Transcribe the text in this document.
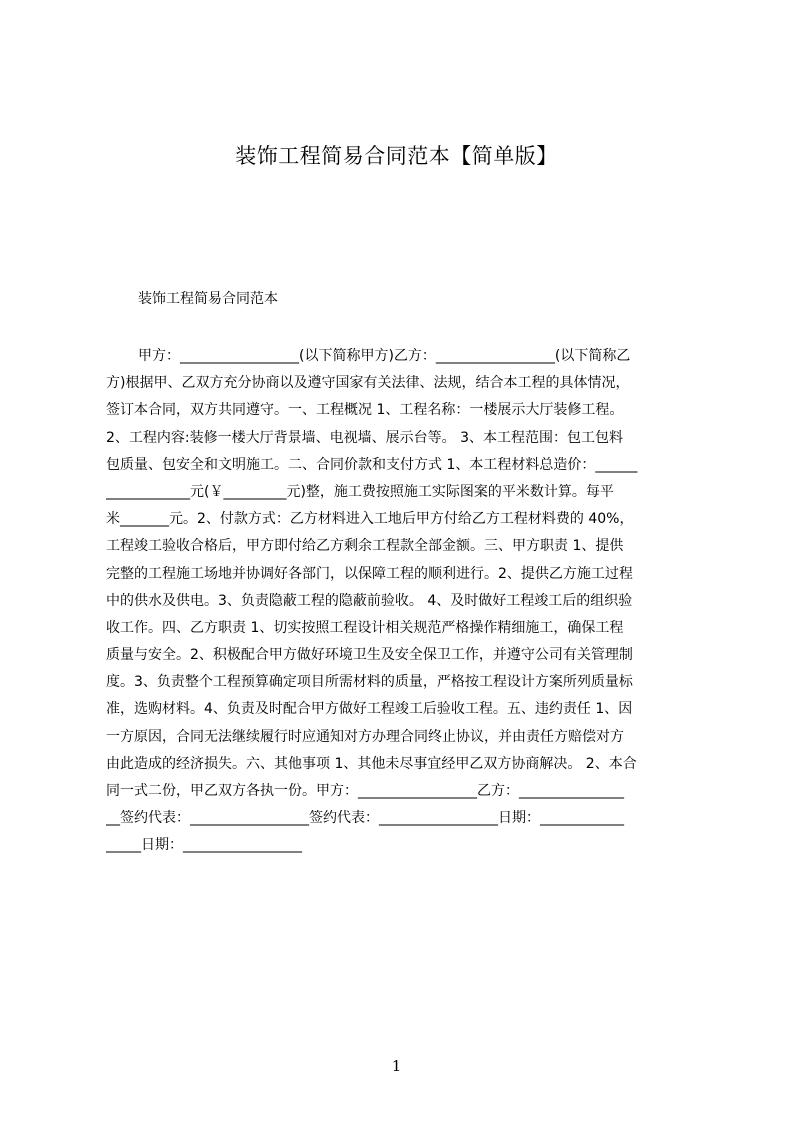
装饰工程简易合同范本【简单版】
装饰工程简易合同范本
甲方：_________________(以下简称甲方)乙方：_________________(以下简称乙
方)根据甲、乙双方充分协商以及遵守国家有关法律、法规，结合本工程的具体情况，
签订本合同，双方共同遵守。一、工程概况 1、工程名称：一楼展示大厅装修工程。
2、工程内容:装修一楼大厅背景墙、电视墙、展示台等。 3、本工程范围：包工包料
包质量、包安全和文明施工。二、合同价款和支付方式 1、本工程材料总造价：______
____________元(￥_________元)整，施工费按照施工实际图案的平米数计算。每平
米_______元。2、付款方式：乙方材料进入工地后甲方付给乙方工程材料费的 40%，
工程竣工验收合格后，甲方即付给乙方剩余工程款全部金额。三、甲方职责 1、提供
完整的工程施工场地并协调好各部门，以保障工程的顺利进行。2、提供乙方施工过程
中的供水及供电。3、负责隐蔽工程的隐蔽前验收。 4、及时做好工程竣工后的组织验
收工作。四、乙方职责 1、切实按照工程设计相关规范严格操作精细施工，确保工程
质量与安全。2、积极配合甲方做好环境卫生及安全保卫工作，并遵守公司有关管理制
度。3、负责整个工程预算确定项目所需材料的质量，严格按工程设计方案所列质量标
准，选购材料。4、负责及时配合甲方做好工程竣工后验收工程。五、违约责任 1、因
一方原因，合同无法继续履行时应通知对方办理合同终止协议，并由责任方赔偿对方
由此造成的经济损失。六、其他事项 1、其他未尽事宜经甲乙双方协商解决。 2、本合
同一式二份，甲乙双方各执一份。甲方：_________________乙方：_______________
__签约代表：_________________签约代表：_________________日期：____________
_____日期：_________________
1
